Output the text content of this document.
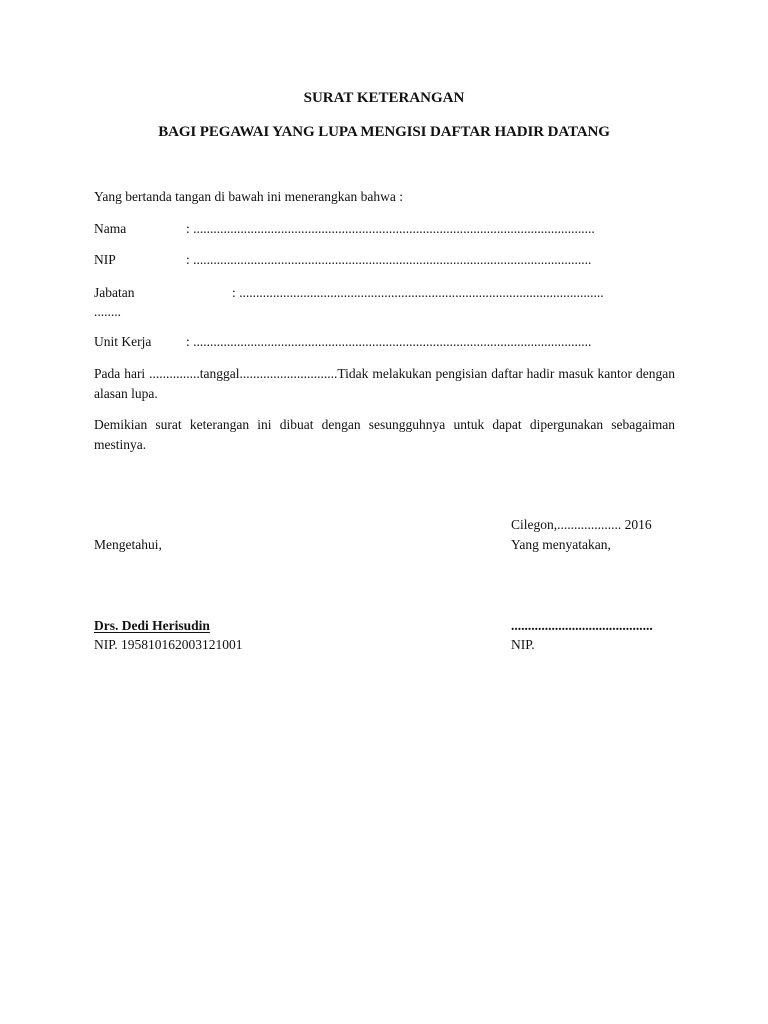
SURAT KETERANGAN
BAGI PEGAWAI YANG LUPA MENGISI DAFTAR HADIR DATANG
Yang bertanda tangan di bawah ini menerangkan bahwa :
Nama	: .......................................................................................................................
NIP	: ......................................................................................................................
Jabatan	: ............................................................................................................
........
Unit Kerja	: ......................................................................................................................
Pada hari ...............tanggal.............................Tidak melakukan pengisian daftar hadir masuk kantor dengan alasan lupa.
Demikian surat keterangan ini dibuat dengan sesungguhnya untuk dapat dipergunakan sebagaiman mestinya.
Cilegon,................... 2016
Mengetahui,	Yang menyatakan,
Drs. Dedi Herisudin	..........................................
NIP. 195810162003121001	NIP.
